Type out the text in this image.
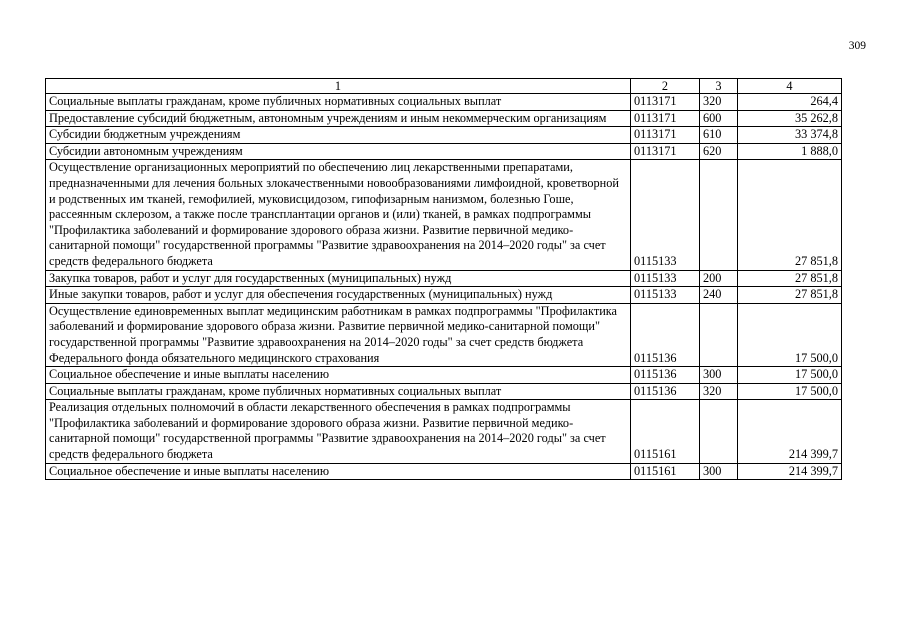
309
1	2	3	4
Социальные выплаты гражданам, кроме публичных нормативных социальных выплат	0113171	320	264,4
Предоставление субсидий бюджетным, автономным учреждениям и иным некоммерческим организациям	0113171	600	35 262,8
Субсидии бюджетным учреждениям	0113171	610	33 374,8
Субсидии автономным учреждениям	0113171	620	1 888,0
Осуществление организационных мероприятий по обеспечению лиц лекарственными препаратами, предназначенными для лечения больных злокачественными новообразованиями лимфоидной, кроветворной и родственных им тканей, гемофилией, муковисцидозом, гипофизарным нанизмом, болезнью Гоше, рассеянным склерозом, а также после трансплантации органов и (или) тканей, в рамках подпрограммы "Профилактика заболеваний и формирование здорового образа жизни. Развитие первичной медико-санитарной помощи" государственной программы "Развитие здравоохранения на 2014–2020 годы" за счет средств федерального бюджета	0115133		27 851,8
Закупка товаров, работ и услуг для государственных (муниципальных) нужд	0115133	200	27 851,8
Иные закупки товаров, работ и услуг для обеспечения государственных (муниципальных) нужд	0115133	240	27 851,8
Осуществление единовременных выплат медицинским работникам в рамках подпрограммы "Профилактика заболеваний и формирование здорового образа жизни. Развитие первичной медико-санитарной помощи" государственной программы "Развитие здравоохранения на 2014–2020 годы" за счет средств бюджета Федерального фонда обязательного медицинского страхования	0115136		17 500,0
Социальное обеспечение и иные выплаты населению	0115136	300	17 500,0
Социальные выплаты гражданам, кроме публичных нормативных социальных выплат	0115136	320	17 500,0
Реализация отдельных полномочий в области лекарственного обеспечения в рамках подпрограммы "Профилактика заболеваний и формирование здорового образа жизни. Развитие первичной медико-санитарной помощи" государственной программы "Развитие здравоохранения на 2014–2020 годы" за счет средств федерального бюджета	0115161		214 399,7
Социальное обеспечение и иные выплаты населению	0115161	300	214 399,7
